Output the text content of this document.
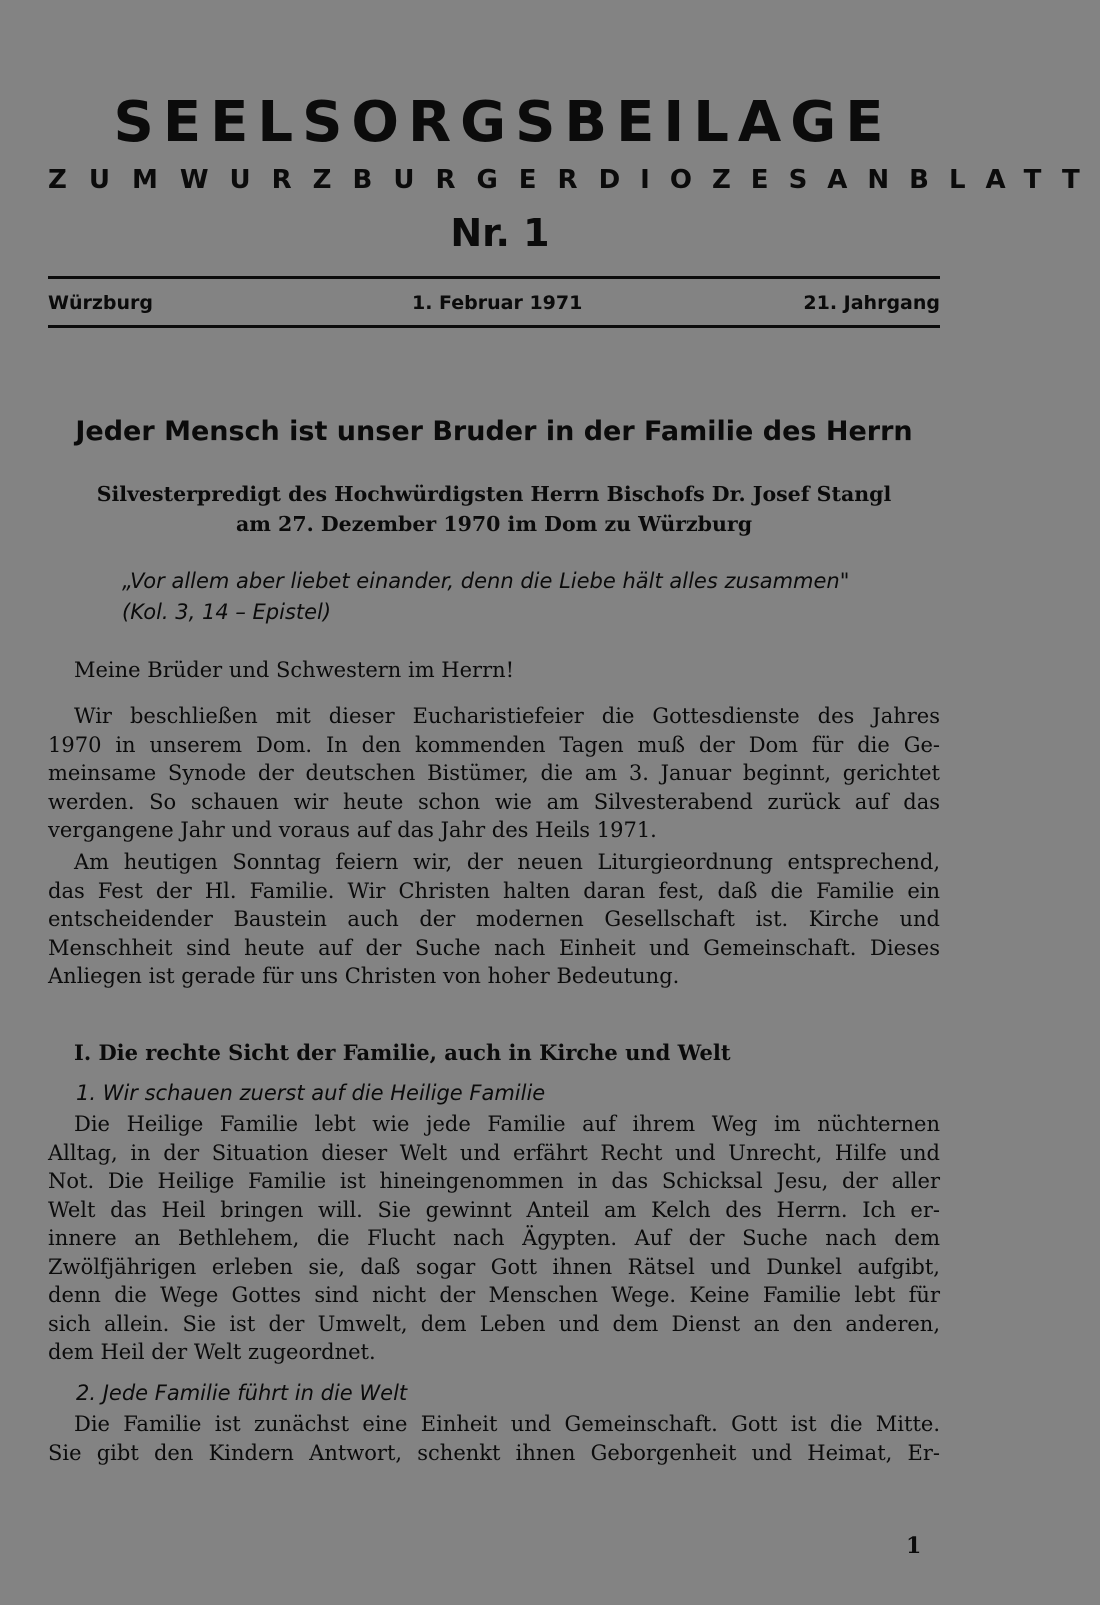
SEELSORGSBEILAGE
ZUM WURZBURGER DIOZESANBLATT
Nr. 1
Würzburg	1. Februar 1971	21. Jahrgang
Jeder Mensch ist unser Bruder in der Familie des Herrn
Silvesterpredigt des Hochwürdigsten Herrn Bischofs Dr. Josef Stangl
am 27. Dezember 1970 im Dom zu Würzburg
„Vor allem aber liebet einander, denn die Liebe hält alles zusammen"
(Kol. 3, 14 – Epistel)
Meine Brüder und Schwestern im Herrn!
Wir beschließen mit dieser Eucharistiefeier die Gottesdienste des Jahres
1970 in unserem Dom. In den kommenden Tagen muß der Dom für die Ge-
meinsame Synode der deutschen Bistümer, die am 3. Januar beginnt, gerichtet
werden. So schauen wir heute schon wie am Silvesterabend zurück auf das
vergangene Jahr und voraus auf das Jahr des Heils 1971.
Am heutigen Sonntag feiern wir, der neuen Liturgieordnung entsprechend,
das Fest der Hl. Familie. Wir Christen halten daran fest, daß die Familie ein
entscheidender Baustein auch der modernen Gesellschaft ist. Kirche und
Menschheit sind heute auf der Suche nach Einheit und Gemeinschaft. Dieses
Anliegen ist gerade für uns Christen von hoher Bedeutung.
I. Die rechte Sicht der Familie, auch in Kirche und Welt
1. Wir schauen zuerst auf die Heilige Familie
Die Heilige Familie lebt wie jede Familie auf ihrem Weg im nüchternen
Alltag, in der Situation dieser Welt und erfährt Recht und Unrecht, Hilfe und
Not. Die Heilige Familie ist hineingenommen in das Schicksal Jesu, der aller
Welt das Heil bringen will. Sie gewinnt Anteil am Kelch des Herrn. Ich er-
innere an Bethlehem, die Flucht nach Ägypten. Auf der Suche nach dem
Zwölfjährigen erleben sie, daß sogar Gott ihnen Rätsel und Dunkel aufgibt,
denn die Wege Gottes sind nicht der Menschen Wege. Keine Familie lebt für
sich allein. Sie ist der Umwelt, dem Leben und dem Dienst an den anderen,
dem Heil der Welt zugeordnet.
2. Jede Familie führt in die Welt
Die Familie ist zunächst eine Einheit und Gemeinschaft. Gott ist die Mitte.
Sie gibt den Kindern Antwort, schenkt ihnen Geborgenheit und Heimat, Er-
1
